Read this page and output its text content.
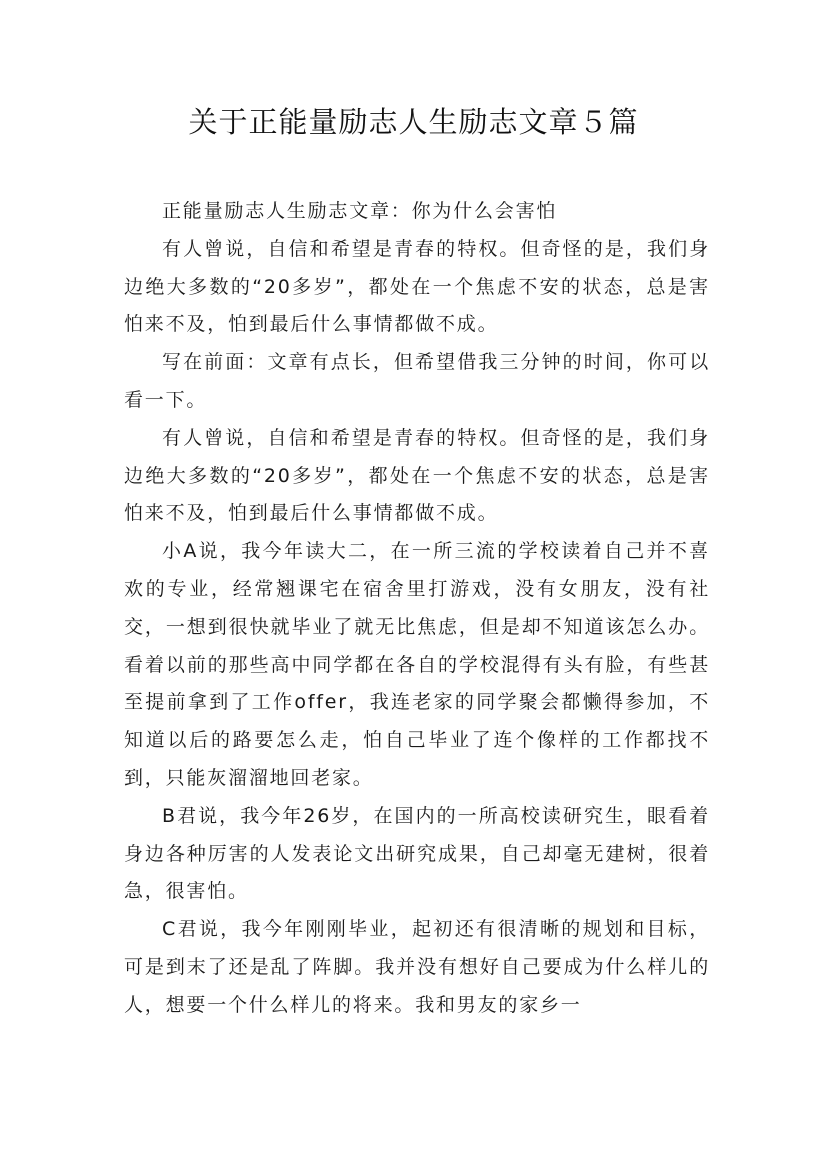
关于正能量励志人生励志文章５篇

正能量励志人生励志文章：你为什么会害怕

有人曾说，自信和希望是青春的特权。但奇怪的是，我们身边绝大多数的“20多岁”，都处在一个焦虑不安的状态，总是害怕来不及，怕到最后什么事情都做不成。

写在前面：文章有点长，但希望借我三分钟的时间，你可以看一下。

有人曾说，自信和希望是青春的特权。但奇怪的是，我们身边绝大多数的“20多岁”，都处在一个焦虑不安的状态，总是害怕来不及，怕到最后什么事情都做不成。

小A说，我今年读大二，在一所三流的学校读着自己并不喜欢的专业，经常翘课宅在宿舍里打游戏，没有女朋友，没有社交，一想到很快就毕业了就无比焦虑，但是却不知道该怎么办。看着以前的那些高中同学都在各自的学校混得有头有脸，有些甚至提前拿到了工作offer，我连老家的同学聚会都懒得参加，不知道以后的路要怎么走，怕自己毕业了连个像样的工作都找不到，只能灰溜溜地回老家。

B君说，我今年26岁，在国内的一所高校读研究生，眼看着身边各种厉害的人发表论文出研究成果，自己却毫无建树，很着急，很害怕。

C君说，我今年刚刚毕业，起初还有很清晰的规划和目标，可是到末了还是乱了阵脚。我并没有想好自己要成为什么样儿的人，想要一个什么样儿的将来。我和男友的家乡一
